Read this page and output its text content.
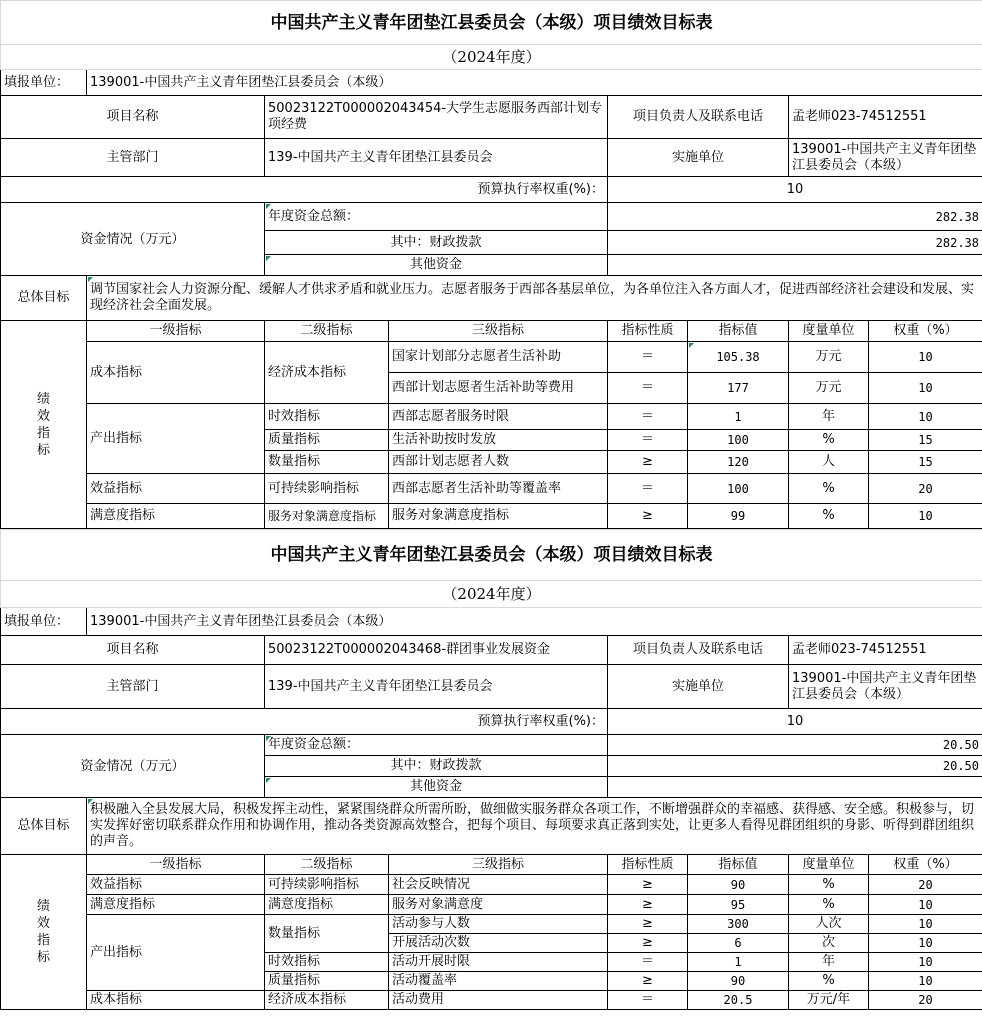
中国共产主义青年团垫江县委员会（本级）项目绩效目标表							
（2024年度）							
填报单位：	139001-中国共产主义青年团垫江县委员会（本级）						
项目名称		50023122T000002043454-大学生志愿服务西部计划专项经费		项目负责人及联系电话		孟老师023-74512551	
主管部门		139-中国共产主义青年团垫江县委员会		实施单位		139001-中国共产主义青年团垫江县委员会（本级）	
预算执行率权重(%)：				10			
资金情况（万元）		年度资金总额：		282.38			
		其中：财政拨款		282.38			
		其他资金					
总体目标	调节国家社会人力资源分配、缓解人才供求矛盾和就业压力。志愿者服务于西部各基层单位，为各单位注入各方面人才，促进西部经济社会建设和发展、实现经济社会全面发展。						
绩效指标	一级指标	二级指标	三级指标	指标性质	指标值	度量单位	权重（%）
	成本指标	经济成本指标	国家计划部分志愿者生活补助	＝	105.38	万元	10
			西部计划志愿者生活补助等费用	＝	177	万元	10
	产出指标	时效指标	西部志愿者服务时限	＝	1	年	10
		质量指标	生活补助按时发放	＝	100	%	15
		数量指标	西部计划志愿者人数	≥	120	人	15
	效益指标	可持续影响指标	西部志愿者生活补助等覆盖率	＝	100	%	20
	满意度指标	服务对象满意度指标	服务对象满意度指标	≥	99	%	10
中国共产主义青年团垫江县委员会（本级）项目绩效目标表							
（2024年度）							
填报单位：	139001-中国共产主义青年团垫江县委员会（本级）						
项目名称		50023122T000002043468-群团事业发展资金		项目负责人及联系电话		孟老师023-74512551	
主管部门		139-中国共产主义青年团垫江县委员会		实施单位		139001-中国共产主义青年团垫江县委员会（本级）	
预算执行率权重(%)：				10			
资金情况（万元）		年度资金总额：		20.50			
		其中：财政拨款		20.50			
		其他资金					
总体目标	积极融入全县发展大局，积极发挥主动性，紧紧围绕群众所需所盼，做细做实服务群众各项工作，不断增强群众的幸福感、获得感、安全感。积极参与，切实发挥好密切联系群众作用和协调作用，推动各类资源高效整合，把每个项目、每项要求真正落到实处，让更多人看得见群团组织的身影、听得到群团组织的声音。						
绩效指标	一级指标	二级指标	三级指标	指标性质	指标值	度量单位	权重（%）
	效益指标	可持续影响指标	社会反映情况	≥	90	%	20
	满意度指标	满意度指标	服务对象满意度	≥	95	%	10
	产出指标	数量指标	活动参与人数	≥	300	人次	10
			开展活动次数	≥	6	次	10
		时效指标	活动开展时限	＝	1	年	10
		质量指标	活动覆盖率	≥	90	%	10
	成本指标	经济成本指标	活动费用	＝	20.5	万元/年	20
